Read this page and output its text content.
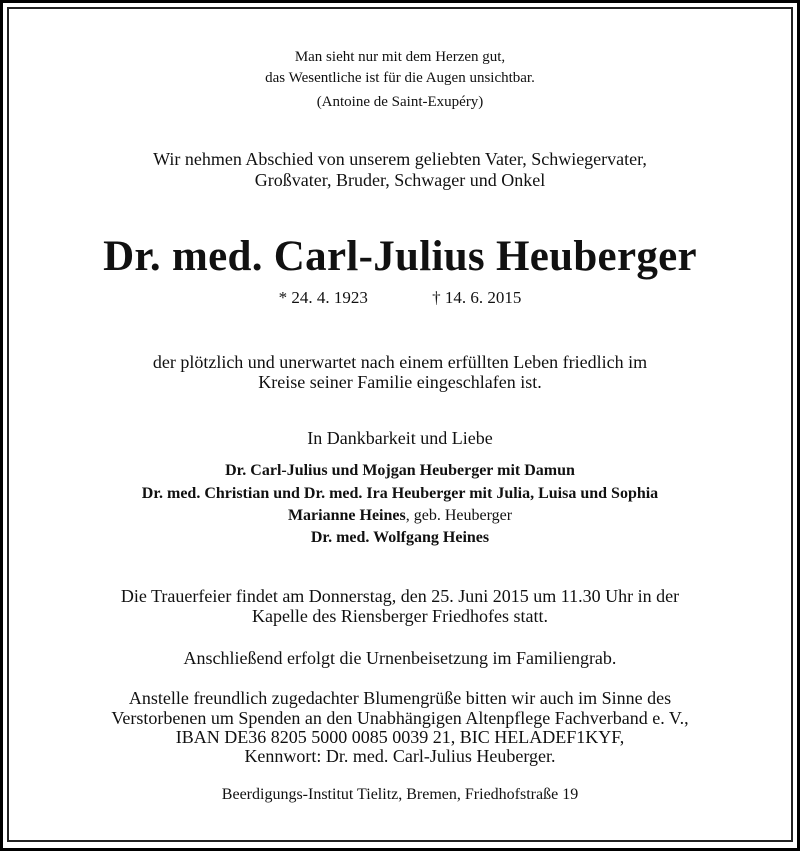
Man sieht nur mit dem Herzen gut,
das Wesentliche ist für die Augen unsichtbar.
(Antoine de Saint-Exupéry)
Wir nehmen Abschied von unserem geliebten Vater, Schwiegervater,
Großvater, Bruder, Schwager und Onkel
Dr. med. Carl-Julius Heuberger
* 24. 4. 1923	† 14. 6. 2015
der plötzlich und unerwartet nach einem erfüllten Leben friedlich im
Kreise seiner Familie eingeschlafen ist.
In Dankbarkeit und Liebe
Dr. Carl-Julius und Mojgan Heuberger mit Damun
Dr. med. Christian und Dr. med. Ira Heuberger mit Julia, Luisa und Sophia
Marianne Heines, geb. Heuberger
Dr. med. Wolfgang Heines
Die Trauerfeier findet am Donnerstag, den 25. Juni 2015 um 11.30 Uhr in der
Kapelle des Riensberger Friedhofes statt.
Anschließend erfolgt die Urnenbeisetzung im Familiengrab.
Anstelle freundlich zugedachter Blumengrüße bitten wir auch im Sinne des
Verstorbenen um Spenden an den Unabhängigen Altenpflege Fachverband e. V.,
IBAN DE36 8205 5000 0085 0039 21, BIC HELADEF1KYF,
Kennwort: Dr. med. Carl-Julius Heuberger.
Beerdigungs-Institut Tielitz, Bremen, Friedhofstraße 19
